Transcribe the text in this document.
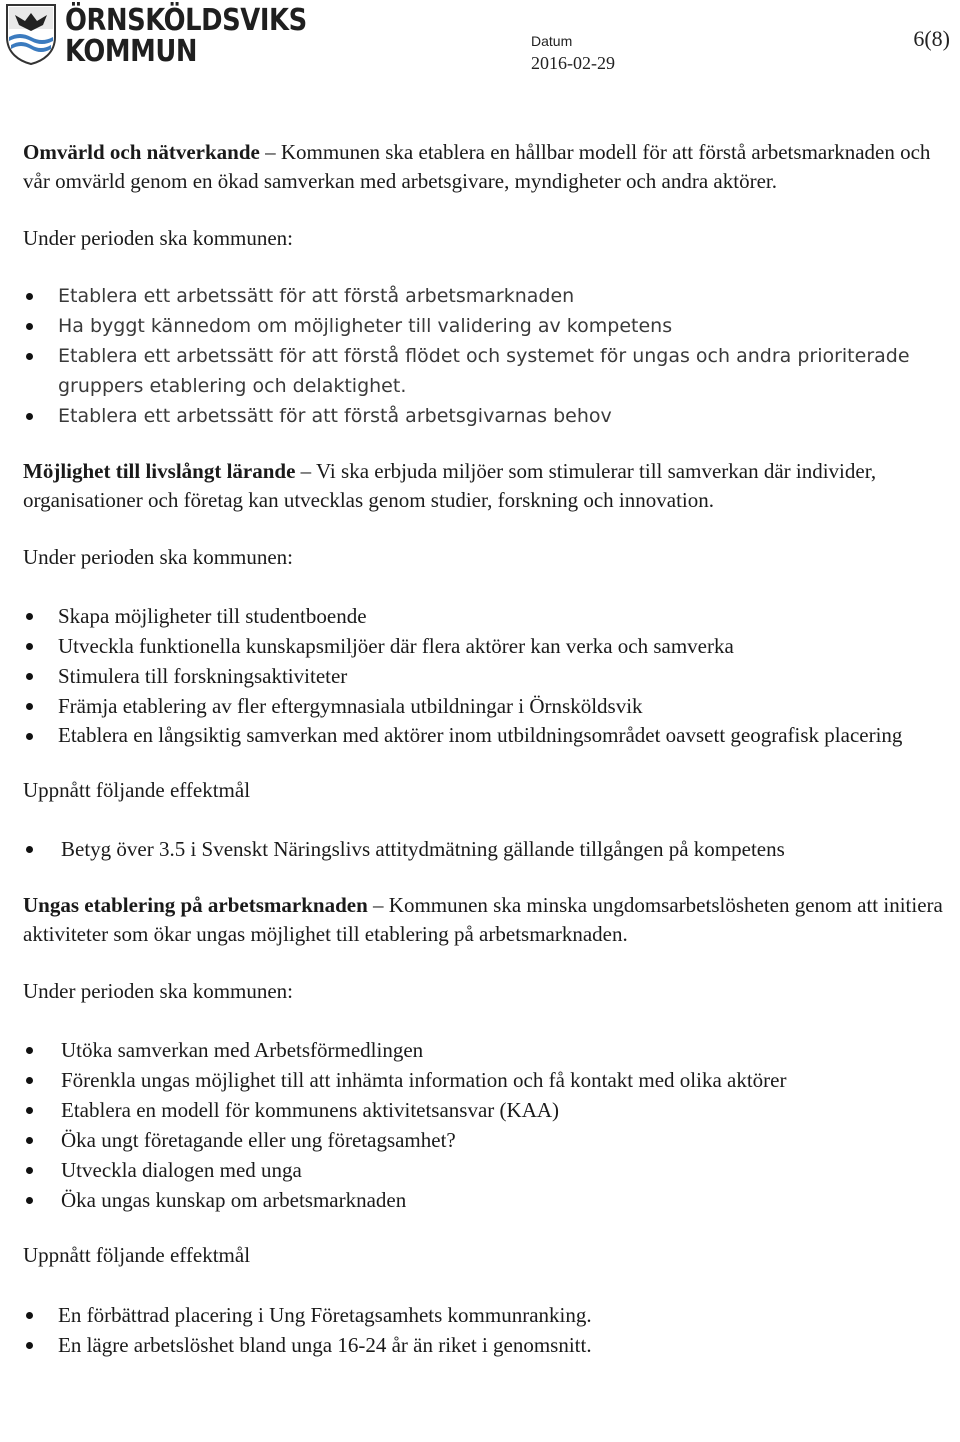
ÖRNSKÖLDSVIKS
KOMMUN	Datum
2016-02-29
6(8)

Omvärld och nätverkande – Kommunen ska etablera en hållbar modell för att förstå arbetsmarknaden och vår omvärld genom en ökad samverkan med arbetsgivare, myndigheter och andra aktörer.

Under perioden ska kommunen:

Etablera ett arbetssätt för att förstå arbetsmarknaden
Ha byggt kännedom om möjligheter till validering av kompetens
Etablera ett arbetssätt för att förstå flödet och systemet för ungas och andra prioriterade gruppers etablering och delaktighet.
Etablera ett arbetssätt för att förstå arbetsgivarnas behov

Möjlighet till livslångt lärande – Vi ska erbjuda miljöer som stimulerar till samverkan där individer, organisationer och företag kan utvecklas genom studier, forskning och innovation.

Under perioden ska kommunen:

Skapa möjligheter till studentboende
Utveckla funktionella kunskapsmiljöer där flera aktörer kan verka och samverka
Stimulera till forskningsaktiviteter
Främja etablering av fler eftergymnasiala utbildningar i Örnsköldsvik
Etablera en långsiktig samverkan med aktörer inom utbildningsområdet oavsett geografisk placering

Uppnått följande effektmål

Betyg över 3.5 i Svenskt Näringslivs attitydmätning gällande tillgången på kompetens

Ungas etablering på arbetsmarknaden – Kommunen ska minska ungdomsarbetslösheten genom att initiera aktiviteter som ökar ungas möjlighet till etablering på arbetsmarknaden.

Under perioden ska kommunen:

Utöka samverkan med Arbetsförmedlingen
Förenkla ungas möjlighet till att inhämta information och få kontakt med olika aktörer
Etablera en modell för kommunens aktivitetsansvar (KAA)
Öka ungt företagande eller ung företagsamhet?
Utveckla dialogen med unga
Öka ungas kunskap om arbetsmarknaden

Uppnått följande effektmål

En förbättrad placering i Ung Företagsamhets kommunranking.
En lägre arbetslöshet bland unga 16-24 år än riket i genomsnitt.
